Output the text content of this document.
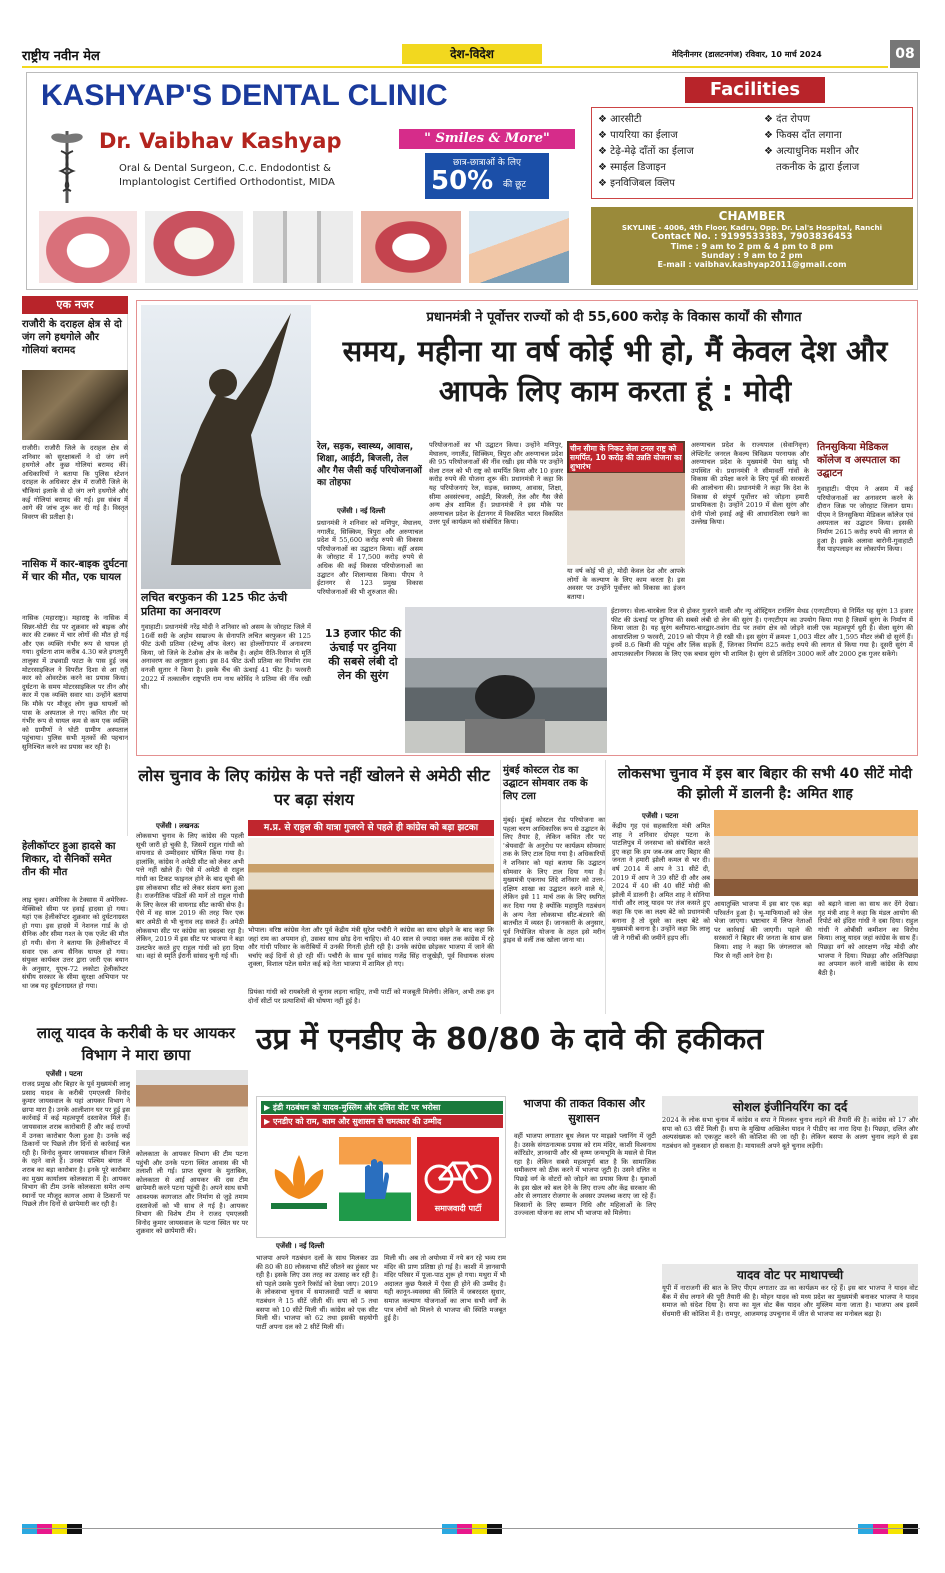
राष्ट्रीय नवीन मेल	देश-विदेश	मेदिनीनगर (डालटनगंज) रविवार, 10 मार्च 2024	08
KASHYAP'S DENTAL CLINIC
Dr. Vaibhav Kashyap
Oral & Dental Surgeon, C.c. Endodontist &
Implantologist Certified Orthodontist, MIDA
" Smiles & More"
छात्र-छात्राओं के लिए
50% की छूट
Facilities
❖ आरसीटी
❖ पायरिया का ईलाज
❖ टेढ़े-मेढ़े दाँतों का ईलाज
❖ स्माईल डिजाइन
❖ इनविजिबल क्लिप
❖ दंत रोपण
❖ फिक्स दाँत लगाना
❖ अत्याधुनिक मशीन और
तकनीक के द्वारा ईलाज
CHAMBER
SKYLINE - 4006, 4th Floor, Kadru, Opp. Dr. Lal's Hospital, Ranchi
Contact No. : 9199533383, 7903836453
Time : 9 am to 2 pm & 4 pm to 8 pm
Sunday : 9 am to 2 pm
E-mail : vaibhav.kashyap2011@gmail.com
एक नजर
राजौरी के दराहल क्षेत्र से दो जंग लगे हथगोले और गोलियां बरामद
राजौरी। राजौरी जिले के दराहल क्षेत्र से शनिवार को सुरक्षाबलों ने दो जंग लगे हथगोले और कुछ गोलियां बरामद कीं। अधिकारियों ने बताया कि पुलिस स्टेशन दराहल के अधिकार क्षेत्र में राजौरी जिले के चौकियां इलाके से दो जंग लगे हथगोले और कई गोलियां बरामद की गईं। इस संबंध में आगे की जांच शुरू कर दी गई है। विस्तृत विवरण की प्रतीक्षा है।
नासिक में कार-बाइक दुर्घटना में चार की मौत, एक घायल
नासिक (महाराष्ट्र)। महाराष्ट्र के नासिक में सिन्नर-घोटी रोड पर शुक्रवार को बाइक और कार की टक्कर में चार लोगों की मौत हो गई और एक व्यक्ति गंभीर रूप से घायल हो गया। दुर्घटना शाम करीब 4.30 बजे इगतपुरी तालुका में उभ्रवाडी फाटा के पास हुई जब मोटरसाइकिल ने विपरीत दिशा से आ रही कार को ओवरटेक करने का प्रयास किया। दुर्घटना के समय मोटरसाइकिल पर तीन और कार में एक व्यक्ति सवार था। उन्होंने बताया कि मौके पर मौजूद लोग कुछ घायलों को पास के अस्पताल ले गए। कथित तौर पर गंभीर रूप से घायल कम से कम एक व्यक्ति को ग्रामीणों ने घोटी ग्रामीण अस्पताल पहुंचाया। पुलिस सभी मृतकों की पहचान सुनिश्चित करने का प्रयास कर रही है।
हेलीकॉप्टर हुआ हादसे का शिकार, दो सैनिकों समेत तीन की मौत
लाइ चुका। अमेरिका के टेक्सास में अमेरिका-मेक्सिको सीमा पर हवाई हादसा हो गया। यहां एक हेलीकॉप्टर शुक्रवार को दुर्घटनाग्रस्त हो गया। इस हादसे में नेशनल गार्ड के दो सैनिक और सीमा गश्त के एक एजेंट की मौत हो गयी। सेना ने बताया कि हेलीकॉप्टर में सवार एक अन्य सैनिक घायल हो गया। संयुक्त कार्यबल उत्तर द्वारा जारी एक बयान के अनुसार, यूएच-72 लकोटा हेलीकॉप्टर संघीय सरकार के सीमा सुरक्षा अभियान पर था जब यह दुर्घटनाग्रस्त हो गया।
लचित बरफुकन की 125 फीट ऊंची प्रतिमा का अनावरण
गुवाहाटी। प्रधानमंत्री नरेंद्र मोदी ने शनिवार को असम के जोरहाट जिले में 16वीं सदी के अहोम साम्राज्य के सेनापति लचित बरफुकन की 125 फीट ऊंची प्रतिमा (स्टेच्यू ऑफ वेलर) का होल्लोंगापार में अनावरण किया, जो जिले के टेओक क्षेत्र के करीब है। अहोम रीति-रिवाज से मूर्ति अनावरण का अनुष्ठान हुआ। इस 84 फीट ऊंची प्रतिमा का निर्माण राम वनजी सुतार ने किया है। इसके चैंच की ऊंचाई 41 फीट है। फरवरी 2022 में तत्कालीन राष्ट्रपति राम नाथ कोविंद ने प्रतिमा की नींव रखी थी।
प्रधानमंत्री ने पूर्वोत्तर राज्यों को दी 55,600 करोड़ के विकास कार्यों की सौगात
समय, महीना या वर्ष कोई भी हो, मैं केवल देश और आपके लिए काम करता हूं : मोदी
रेल, सड़क, स्वास्थ्य, आवास, शिक्षा, आईटी, बिजली, तेल और गैस जैसी कई परियोजनाओं का तोहफा
एजेंसी । नई दिल्ली
प्रधानमंत्री ने शनिवार को मणिपुर, मेघालय, नगालैंड, सिक्किम, त्रिपुरा और अरुणाचल प्रदेश में 55,600 करोड़ रुपये की विकास परियोजनाओं का उद्घाटन किया। वहीं असम के जोरहाट में 17,500 करोड़ रुपये से अधिक की कई विकास परियोजनाओं का उद्घाटन और शिलान्यास किया। पीएम ने ईटानगर से 123 प्रमुख विकास परियोजनाओं की भी शुरुआत की।
परियोजनाओं का भी उद्घाटन किया। उन्होंने मणिपुर, मेघालय, नगालैंड, सिक्किम, त्रिपुरा और अरुणाचल प्रदेश की 95 परियोजनाओं की नींव रखी। इस मौके पर उन्होंने सेला टनल को भी राष्ट्र को समर्पित किया और 10 हजार करोड़ रुपये की योजना शुरू की। प्रधानमंत्री ने कहा कि यह परियोजनाएं रेल, सड़क, स्वास्थ्य, आवास, शिक्षा, सीमा अवसंरचना, आईटी, बिजली, तेल और गैस जैसे अन्य क्षेत्र शामिल हैं। प्रधानमंत्री ने इस मौके पर अरुणाचल प्रदेश के ईटानगर में विकसित भारत विकसित उत्तर पूर्व कार्यक्रम को संबोधित किया।
चीन सीमा के निकट सेला टनल राष्ट्र को समर्पित, 10 करोड़ की उन्नति योजना का शुभारंभ
या वर्ष कोई भी हो, मोदी केवल देश और आपके लोगों के कल्याण के लिए काम करता है। इस अवसर पर उन्होंने पूर्वोत्तर को विकास का इंजन बताया।
अरुणाचल प्रदेश के राज्यपाल (सेवानिवृत्त) लेफ्टिनेंट जनरल कैवल्य त्रिविक्रम परनायक और अरुणाचल प्रदेश के मुख्यमंत्री पेमा खांडू भी उपस्थित थे। प्रधानमंत्री ने सीमावर्ती गांवों के विकास की उपेक्षा करने के लिए पूर्व की सरकारों की आलोचना की। प्रधानमंत्री ने कहा कि देश के विकास से संपूर्ण पूर्वोत्तर को जोड़ना हमारी प्राथमिकता है। उन्होंने 2019 में सेला सुरंग और दोनी पोलो हवाई अड्डे की आधारशिला रखने का उल्लेख किया।
तिनसुकिया मेडिकल कॉलेज व अस्पताल का उद्घाटन
गुवाहाटी। पीएम ने असम में कई परियोजनाओं का अनावरण करने के दौरान जिक्र पर जोरहाट जिलान ग्राम। पीएम ने तिनसुकिया मेडिकल कॉलेज एवं अस्पताल का उद्घाटन किया। इसकी निर्माण 2615 करोड़ रुपये की लागत से हुआ है। इसके अलावा बारोनी-गुवाहाटी गैस पाइपलाइन का लोकार्पण किया।
13 हजार फीट की ऊंचाई पर दुनिया की सबसे लंबी दो लेन की सुरंग
ईटानगर। सेला-चारबेला रिज से होकर गुजरने वाली और न्यू ऑस्ट्रियन टनलिंग मेथड (एनएटीएम) से निर्मित यह सुरंग 13 हजार फीट की ऊंचाई पर दुनिया की सबसे लंबी दो लेन की सुरंग है। एनएटीएम का उपयोग किया गया है जिसमें सुरंग के निर्माण में किया जाता है। यह सुरंग बलीपारा-चारद्वार-तवांग रोड पर तवांग क्षेत्र को जोड़ने वाली एक महत्वपूर्ण धुरी है। सेला सुरंग की आधारशिला 9 फरवरी, 2019 को पीएम ने ही रखी थी। इस सुरंग में क्रमशः 1,003 मीटर और 1,595 मीटर लंबी दो सुरंगें हैं। इनमें 8.6 किमी की पहुंच और लिंक सड़कें हैं, जिनका निर्माण 825 करोड़ रुपये की लागत से किया गया है। दूसरी सुरंग में आपातकालीन निकास के लिए एक बचाव सुरंग भी शामिल है। सुरंग से प्रतिदिन 3000 कारें और 2000 ट्रक गुजर सकेंगे।
लोस चुनाव के लिए कांग्रेस के पत्ते नहीं खोलने से अमेठी सीट पर बढ़ा संशय
एजेंसी । लखनऊ
लोकसभा चुनाव के लिए कांग्रेस की पहली सूची जारी हो चुकी है, जिसमें राहुल गांधी को वायनाड से उम्मीदवार घोषित किया गया है। हालांकि, कांग्रेस ने अमेठी सीट को लेकर अभी पत्ते नहीं खोले हैं। ऐसे में अमेठी से राहुल गांधी का टिकट फाइनल होने के बाद सूची की इस लोकसभा सीट को लेकर संशय बना हुआ है। राजनीतिक पंडितों की मानें तो राहुल गांधी के लिए केरल की वायनाड सीट काफी सेफ है। ऐसे में वह साल 2019 की तरह फिर एक बार अमेठी से भी चुनाव लड़ सकते हैं। अमेठी लोकसभा सीट पर कांग्रेस का दबदबा रहा है। लेकिन, 2019 में इस सीट पर भाजपा ने बड़ा उलटफेर करते हुए राहुल गांधी को हरा दिया था। वहां से स्मृति ईरानी सांसद चुनी गई थीं।
म.प्र. से राहुल की यात्रा गुजरने से पहले ही कांग्रेस को बड़ा झटका
भोपाल। वरिष्ठ कांग्रेस नेता और पूर्व केंद्रीय मंत्री सुरेश पचौरी ने कांग्रेस का साथ छोड़ने के बाद कहा कि जहां राम का अपमान हो, उसका साथ छोड़ देना चाहिए। वो 40 साल से ज्यादा वक्त तक कांग्रेस में रहे और गांधी परिवार के करीबियों में उनकी गिनती होती रही है। उनके कांग्रेस छोड़कर भाजपा में जाने की चर्चाएं कई दिनों से हो रही थीं। पचौरी के साथ पूर्व सांसद गजेंद्र सिंह राजूखेड़ी, पूर्व विधायक संजय शुक्ला, विशाल पटेल समेत कई बड़े नेता भाजपा में शामिल हो गए।
प्रियंका गांधी को रायबरेली से चुनाव लड़ना चाहिए, तभी पार्टी को मजबूती मिलेगी। लेकिन, अभी तक इन दोनों सीटों पर प्रत्याशियों की घोषणा नहीं हुई है।
मुंबई कोस्टल रोड का उद्घाटन सोमवार तक के लिए टला
मुंबई। मुंबई कोस्टल रोड परियोजना का पहला चरण आधिकारिक रूप से उद्घाटन के लिए तैयार है, लेकिन कथित तौर पर 'श्रेयवादी' के अनुरोध पर कार्यक्रम सोमवार तक के लिए टाल दिया गया है। अधिकारियों ने शनिवार को यहां बताया कि उद्घाटन सोमवार के लिए टाल दिया गया है। मुख्यमंत्री एकनाथ शिंदे शनिवार को उत्तर-दक्षिण शाखा का उद्घाटन करने वाले थे, लेकिन इसे 11 मार्च तक के लिए स्थगित कर दिया गया है क्योंकि महायुति गठबंधन के अन्य नेता लोकसभा सीट-बंटवारे की बातचीत में व्यस्त हैं। जानकारी के अनुसार, पूर्व नियोजित योजना के तहत इसे मरीन ड्राइव से वर्ली तक खोला जाना था।
लोकसभा चुनाव में इस बार बिहार की सभी 40 सीटें मोदी की झोली में डालनी है: अमित शाह
एजेंसी । पटना
केंद्रीय गृह एवं सहकारिता मंत्री अमित शाह ने शनिवार दोपहर पटना के पाटलिपुत्र में जनसभा को संबोधित करते हुए कहा कि हम जब-जब आए बिहार की जनता ने हमारी झोली कमल से भर दी। वर्ष 2014 में आप ने 31 सीटें दी, 2019 में आप ने 39 सीटें दी और अब 2024 में 40 की 40 सीटें मोदी की झोली में डालनी है। अमित शाह ने सोनिया गांधी और लालू यादव पर तंज कसते हुए कहा कि एक का लक्ष्य बेटे को प्रधानमंत्री बनाना है तो दूसरे का लक्ष्य बेटे को मुख्यमंत्री बनाना है। उन्होंने कहा कि लालू जी ने गरीबों की जमीनें हड़प लीं।
आयातुक्ति भाजपा में इस बार एक बड़ा परिवर्तन हुआ है। भू-माफियाओं को जेल भेजा जाएगा। भ्रष्टाचार में लिप्त नेताओं पर कार्रवाई की जाएगी। पहले की सरकारों ने बिहार की जनता के साथ छल किया। शाह ने कहा कि जंगलराज को फिर से नहीं आने देना है।
को बढ़ाने वाला का साथ कर देंगे देखा। गृह मंत्री शाह ने कहा कि मंडल आयोग की रिपोर्ट को इंदिरा गांधी ने दबा दिया। राहुल गांधी ने ओबीसी कमीशन का विरोध किया। लालू यादव जहां कांग्रेस के साथ हैं। पिछड़ा वर्ग को आरक्षण नरेंद्र मोदी और भाजपा ने दिया। पिछड़ा और अतिपिछड़ा का अपमान करने वाली कांग्रेस के साथ बैठी है।
लालू यादव के करीबी के घर आयकर विभाग ने मारा छापा
एजेंसी । पटना
राजद प्रमुख और बिहार के पूर्व मुख्यमंत्री लालू प्रसाद यादव के करीबी एमएलसी विनोद कुमार जायसवाल के यहां आयकर विभाग ने छापा मारा है। उनके आलीशान घर पर हुई इस कार्रवाई में कई महत्वपूर्ण दस्तावेज मिले हैं। जायसवाल शराब कारोबारी हैं और कई राज्यों में उनका कारोबार फैला हुआ है। उनके कई ठिकानों पर पिछले तीन दिनों से कार्रवाई चल रही है। विनोद कुमार जायसवाल सीवान जिले के रहने वाले हैं। उनका पश्चिम बंगाल में शराब का बड़ा कारोबार है। इनके पूरे कारोबार का मुख्य कार्यालय कोलकाता में है। आयकर विभाग की टीम उनके कोलकाता समेत अन्य स्थानों पर मौजूद कागज आया वे ठिकानों पर पिछले तीन दिनों से छापेमारी कर रही है।
कोलकाता के आयकर विभाग की टीम पटना पहुंची और उनके पटना स्थित आवास की भी तलाशी ली गई। प्राप्त सूचना के मुताबिक, कोलकाता से आई आयकर की दस टीम छापेमारी करने पटना पहुंची है। अपने साथ सभी आवश्यक कागजात और निर्माण से जुड़े तमाम दस्तावेजों को भी साथ ले गई है। आयकर विभाग की विशेष टीम ने राजद एमएलसी विनोद कुमार जायसवाल के पटना स्थित घर पर शुक्रवार को छापेमारी की।
उप्र में एनडीए के 80/80 के दावे की हकीकत
▶ इंडी गठबंधन को यादव-मुस्लिम और दलित वोट पर भरोसा
▶ एनडीए को राम, काम और सुशासन से चमत्कार की उम्मीद
समाजवादी पार्टी
एजेंसी । नई दिल्ली
भाजपा अपने गठबंधन दलों के साथ मिलकर उप्र की 80 की 80 लोकसभा सीटें जीतने का हुंकार भर रही है। इसके लिए उस तरह का उत्साह कर रही है। सो पहले उसके पुराने रिकॉर्ड को देखा जाए। 2019 के लोकसभा चुनाव में समाजवादी पार्टी व बसपा गठबंधन ने 15 सीटें जीती थीं। सपा को 5 तथा बसपा को 10 सीटें मिली थीं। कांग्रेस को एक सीट मिली थी। भाजपा को 62 तथा इसकी सहयोगी पार्टी अपना दल को 2 सीटें मिली थीं।
मिली थी। अब तो अयोध्या में नये बन रहे भव्य राम मंदिर की प्राण प्रतिष्ठा हो गई है। काशी में ज्ञानवापी मंदिर परिसर में पूजा-पाठ शुरू हो गया। मथुरा में भी अदालत कुछ फैसले में ऐसा ही होने की उम्मीद है। यही कानून-व्यवस्था की स्थिति में जबरदस्त सुधार, समाज कल्याण योजनाओं का लाभ सभी वर्गों के पात्र लोगों को मिलने से भाजपा की स्थिति मजबूत हुई है।
भाजपा की ताकत विकास और सुशासन
वहीं भाजपा लगातार बूथ लेवल पर माइक्रो प्लानिंग में जुटी है। उसके संगठनात्मक प्रयास को राम मंदिर, काशी विश्वनाथ कॉरिडोर, ज्ञानवापी और श्री कृष्ण जन्मभूमि के मसले से मिल रहा है। लेकिन सबसे महत्वपूर्ण बात है कि सामाजिक समीकरण को ठीक करने में भाजपा जुटी है। उसने दलित व पिछड़े वर्ग के वोटरों को जोड़ने का प्रयास किया है। युवाओं के इस खेल को बल देने के लिए राज्य और केंद्र सरकार की ओर से लगातार रोजगार के अवसर उपलब्ध कराए जा रहे हैं। किसानों के लिए सम्मान निधि और महिलाओं के लिए उज्ज्वला योजना का लाभ भी भाजपा को मिलेगा।
सोशल इंजीनियरिंग का दर्द
2024 के लोक सभा चुनाव में कांग्रेस व सपा ने मिलकर चुनाव लड़ने की तैयारी की है। कांग्रेस को 17 और सपा को 63 सीटें मिली हैं। सपा के मुखिया अखिलेश यादव ने पीडीए का नारा दिया है। पिछड़ा, दलित और अल्पसंख्यक को एकजुट करने की कोशिश की जा रही है। लेकिन बसपा के अलग चुनाव लड़ने से इस गठबंधन को नुकसान हो सकता है। मायावती अपने बूते चुनाव लड़ेंगी।
यादव वोट पर माथापच्ची
यूपी में नाराजगी की बात के लिए पीएम लगातार उप्र का कार्यक्रम कर रहे हैं। इस बार भाजपा ने यादव वोट बैंक में सेंध लगाने की पूरी तैयारी की है। मोहन यादव को मध्य प्रदेश का मुख्यमंत्री बनाकर भाजपा ने यादव समाज को संदेश दिया है। सपा का मूल वोट बैंक यादव और मुस्लिम माना जाता है। भाजपा अब इसमें सेंधमारी की कोशिश में है। रामपुर, आजमगढ़ उपचुनाव में जीत से भाजपा का मनोबल बढ़ा है।
